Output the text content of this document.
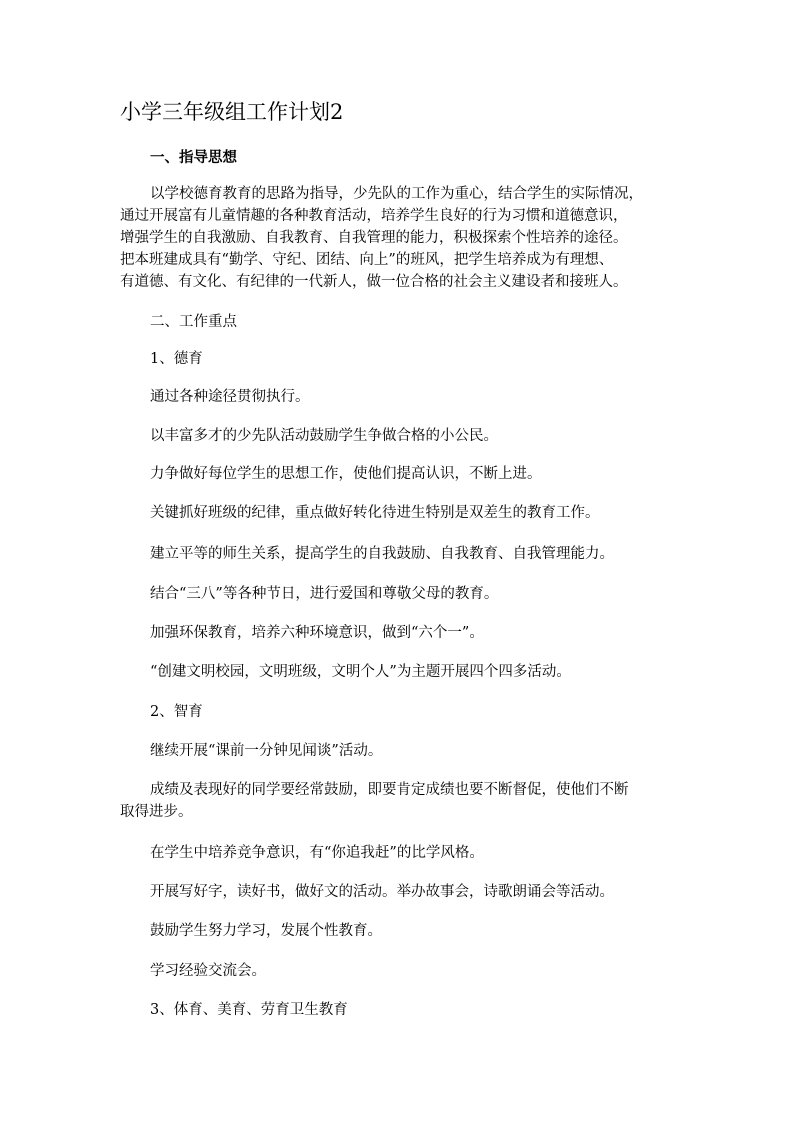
小学三年级组工作计划2

一、指导思想

以学校德育教育的思路为指导，少先队的工作为重心，结合学生的实际情况，
通过开展富有儿童情趣的各种教育活动，培养学生良好的行为习惯和道德意识，
增强学生的自我激励、自我教育、自我管理的能力，积极探索个性培养的途径。
把本班建成具有“勤学、守纪、团结、向上”的班风，把学生培养成为有理想、
有道德、有文化、有纪律的一代新人，做一位合格的社会主义建设者和接班人。

二、工作重点

1、德育

通过各种途径贯彻执行。

以丰富多才的少先队活动鼓励学生争做合格的小公民。

力争做好每位学生的思想工作，使他们提高认识，不断上进。

关键抓好班级的纪律，重点做好转化待进生特别是双差生的教育工作。

建立平等的师生关系，提高学生的自我鼓励、自我教育、自我管理能力。

结合“三八”等各种节日，进行爱国和尊敬父母的教育。

加强环保教育，培养六种环境意识，做到“六个一”。

“创建文明校园，文明班级，文明个人”为主题开展四个四多活动。

2、智育

继续开展“课前一分钟见闻谈”活动。

成绩及表现好的同学要经常鼓励，即要肯定成绩也要不断督促，使他们不断
取得进步。

在学生中培养竞争意识，有“你追我赶”的比学风格。

开展写好字，读好书，做好文的活动。举办故事会，诗歌朗诵会等活动。

鼓励学生努力学习，发展个性教育。

学习经验交流会。

3、体育、美育、劳育卫生教育
